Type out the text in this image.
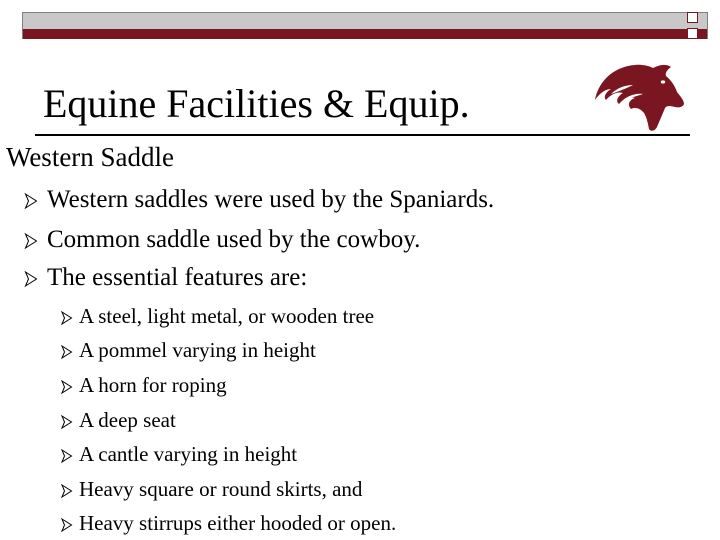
Equine Facilities & Equip.
Western Saddle
Western saddles were used by the Spaniards.
Common saddle used by the cowboy.
The essential features are:
A steel, light metal, or wooden tree
A pommel varying in height
A horn for roping
A deep seat
A cantle varying in height
Heavy square or round skirts, and
Heavy stirrups either hooded or open.
